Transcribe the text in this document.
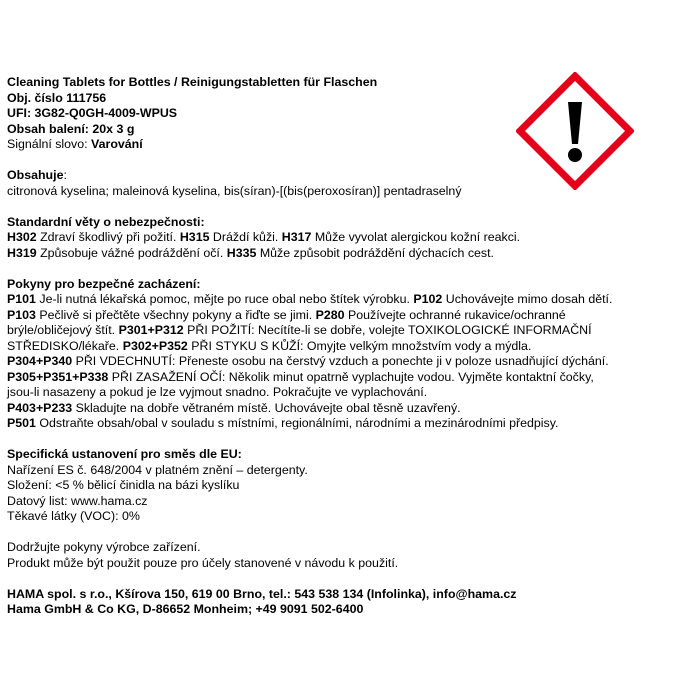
Cleaning Tablets for Bottles / Reinigungstabletten für Flaschen
Obj. číslo 111756
UFI: 3G82-Q0GH-4009-WPUS
Obsah balení: 20x 3 g
Signální slovo: Varování
Obsahuje:
citronová kyselina; maleinová kyselina, bis(síran)-[(bis(peroxosíran)] pentadraselný
Standardní věty o nebezpečnosti:
H302 Zdraví škodlivý při požití. H315 Dráždí kůži. H317 Může vyvolat alergickou kožní reakci.
H319 Způsobuje vážné podráždění očí. H335 Může způsobit podráždění dýchacích cest.
Pokyny pro bezpečné zacházení:
P101 Je-li nutná lékařská pomoc, mějte po ruce obal nebo štítek výrobku. P102 Uchovávejte mimo dosah dětí.
P103 Pečlivě si přečtěte všechny pokyny a řiďte se jimi. P280 Používejte ochranné rukavice/ochranné
brýle/obličejový štít. P301+P312 PŘI POŽITÍ: Necítíte-li se dobře, volejte TOXIKOLOGICKÉ INFORMAČNÍ
STŘEDISKO/lékaře. P302+P352 PŘI STYKU S KŮŽÍ: Omyjte velkým množstvím vody a mýdla.
P304+P340 PŘI VDECHNUTÍ: Přeneste osobu na čerstvý vzduch a ponechte ji v poloze usnadňující dýchání.
P305+P351+P338 PŘI ZASAŽENÍ OČÍ: Několik minut opatrně vyplachujte vodou. Vyjměte kontaktní čočky,
jsou-li nasazeny a pokud je lze vyjmout snadno. Pokračujte ve vyplachování.
P403+P233 Skladujte na dobře větraném místě. Uchovávejte obal těsně uzavřený.
P501 Odstraňte obsah/obal v souladu s místními, regionálními, národními a mezinárodními předpisy.
Specifická ustanovení pro směs dle EU:
Nařízení ES č. 648/2004 v platném znění – detergenty.
Složení: <5 % bělicí činidla na bázi kyslíku
Datový list: www.hama.cz
Těkavé látky (VOC): 0%
Dodržujte pokyny výrobce zařízení.
Produkt může být použit pouze pro účely stanovené v návodu k použití.
HAMA spol. s r.o., Kšírova 150, 619 00 Brno, tel.: 543 538 134 (Infolinka), info@hama.cz
Hama GmbH & Co KG, D-86652 Monheim; +49 9091 502-6400
